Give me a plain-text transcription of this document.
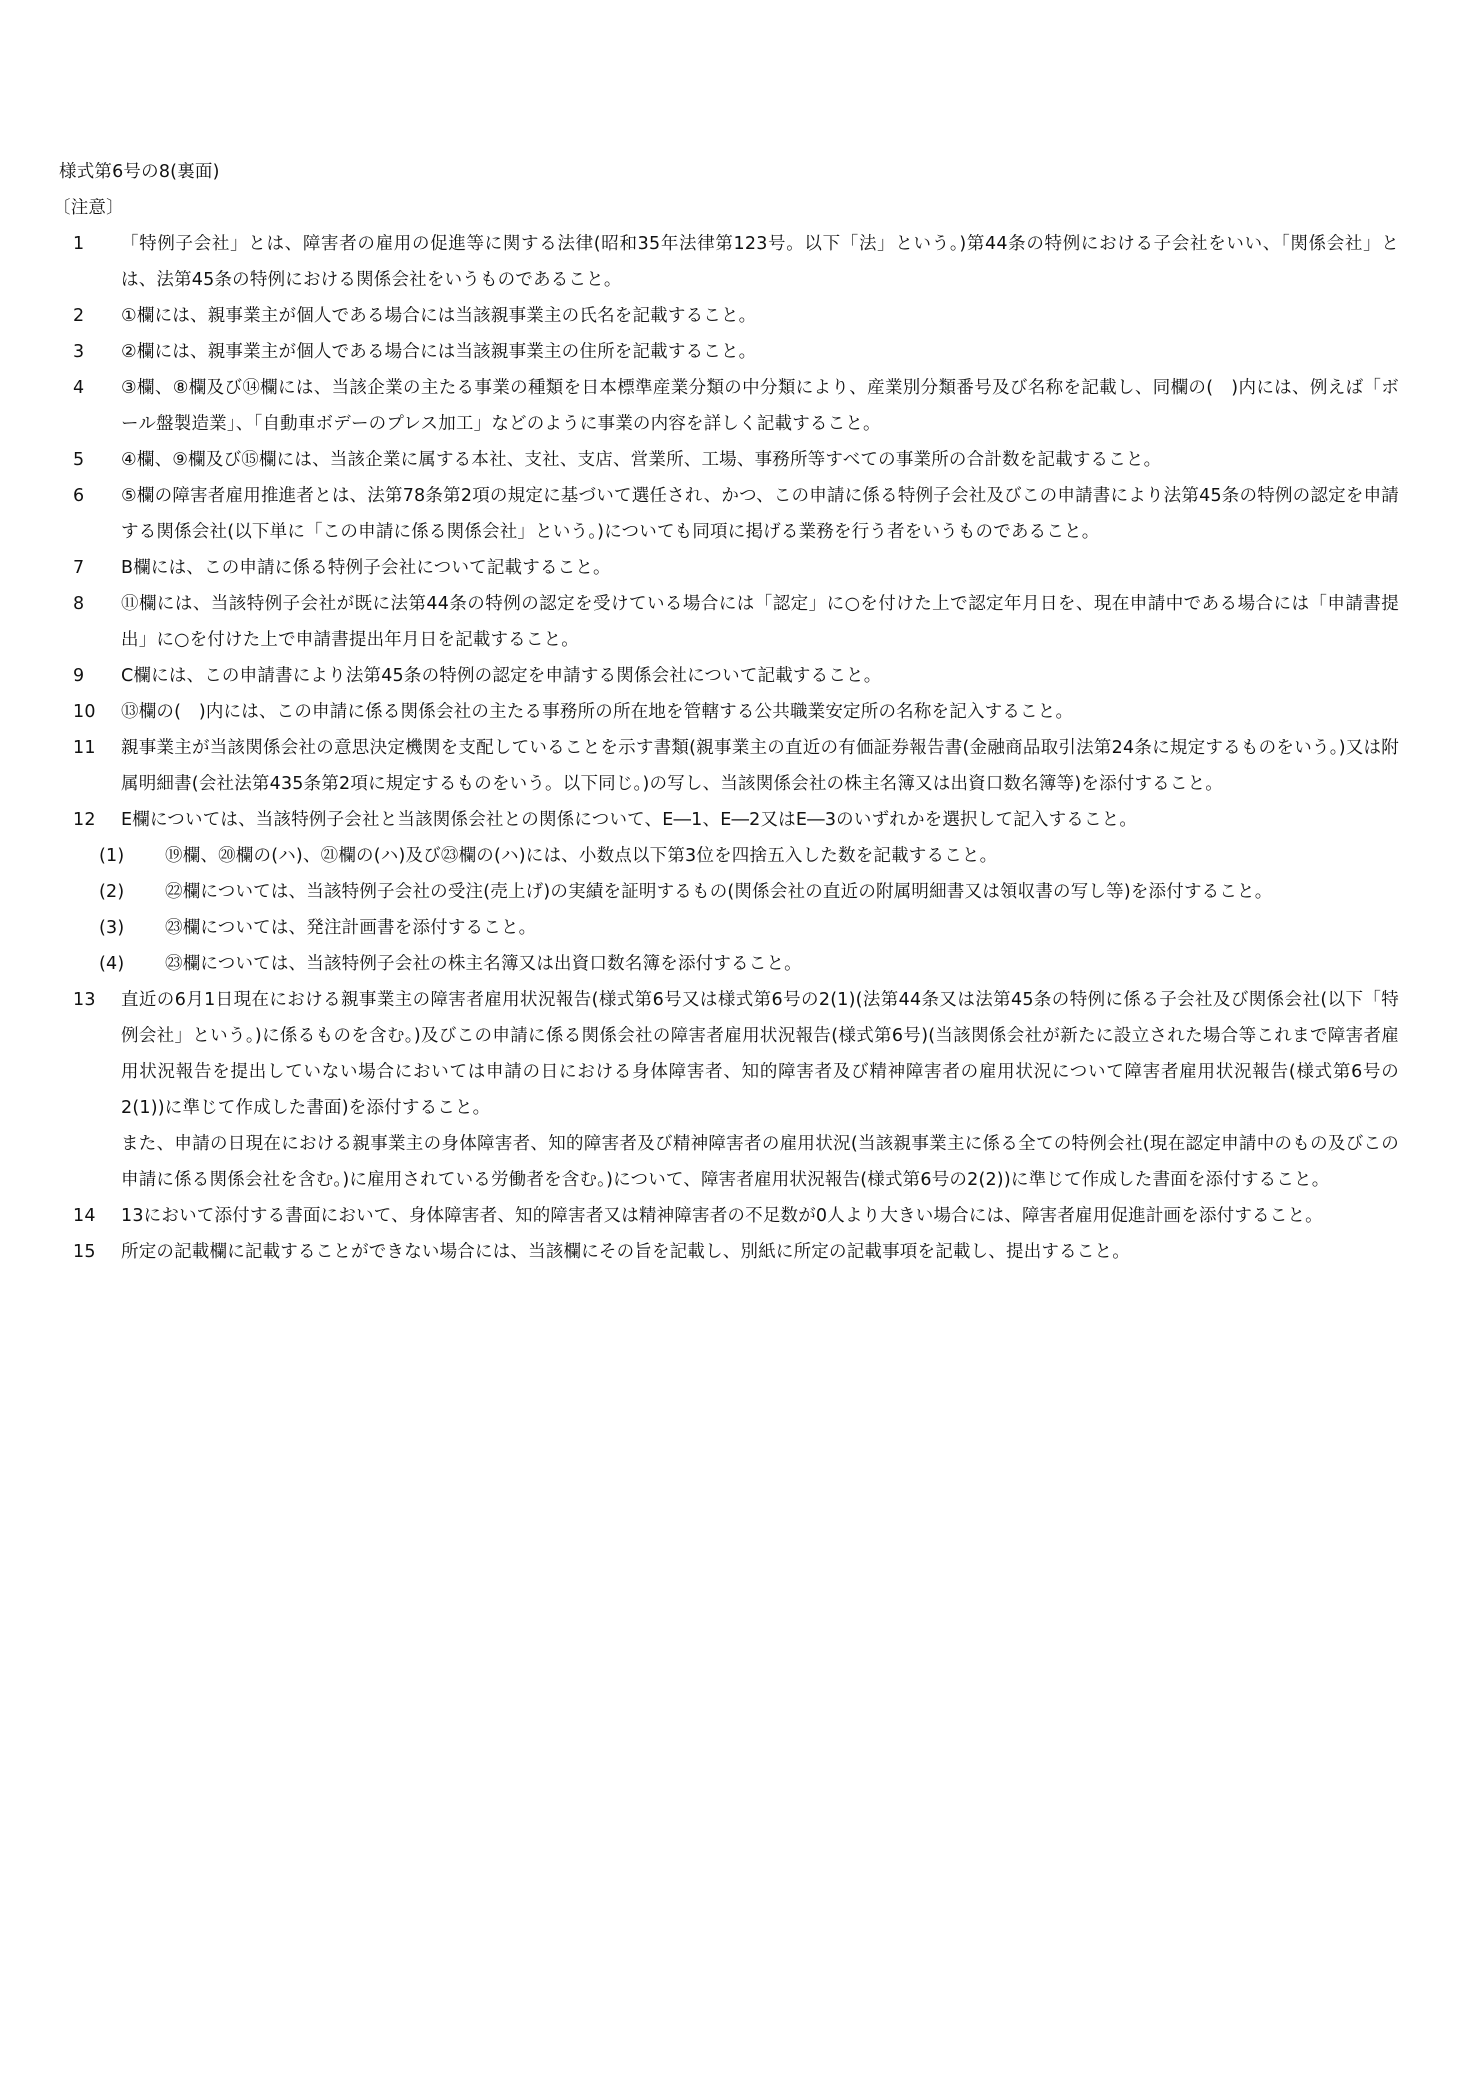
様式第6号の8(裏面)
〔注意〕
1	「特例子会社」とは、障害者の雇用の促進等に関する法律(昭和35年法律第123号。以下「法」という。)第44条の特例における子会社をいい、「関係会社」とは、法第45条の特例における関係会社をいうものであること。
2	①欄には、親事業主が個人である場合には当該親事業主の氏名を記載すること。
3	②欄には、親事業主が個人である場合には当該親事業主の住所を記載すること。
4	③欄、⑧欄及び⑭欄には、当該企業の主たる事業の種類を日本標準産業分類の中分類により、産業別分類番号及び名称を記載し、同欄の(　)内には、例えば「ボール盤製造業」、「自動車ボデーのプレス加工」などのように事業の内容を詳しく記載すること。
5	④欄、⑨欄及び⑮欄には、当該企業に属する本社、支社、支店、営業所、工場、事務所等すべての事業所の合計数を記載すること。
6	⑤欄の障害者雇用推進者とは、法第78条第2項の規定に基づいて選任され、かつ、この申請に係る特例子会社及びこの申請書により法第45条の特例の認定を申請する関係会社(以下単に「この申請に係る関係会社」という。)についても同項に掲げる業務を行う者をいうものであること。
7	B欄には、この申請に係る特例子会社について記載すること。
8	⑪欄には、当該特例子会社が既に法第44条の特例の認定を受けている場合には「認定」に○を付けた上で認定年月日を、現在申請中である場合には「申請書提出」に○を付けた上で申請書提出年月日を記載すること。
9	C欄には、この申請書により法第45条の特例の認定を申請する関係会社について記載すること。
10	⑬欄の(　)内には、この申請に係る関係会社の主たる事務所の所在地を管轄する公共職業安定所の名称を記入すること。
11	親事業主が当該関係会社の意思決定機関を支配していることを示す書類(親事業主の直近の有価証券報告書(金融商品取引法第24条に規定するものをいう。)又は附属明細書(会社法第435条第2項に規定するものをいう。以下同じ。)の写し、当該関係会社の株主名簿又は出資口数名簿等)を添付すること。
12	E欄については、当該特例子会社と当該関係会社との関係について、E―1、E―2又はE―3のいずれかを選択して記入すること。
(1)	⑲欄、⑳欄の(ハ)、㉑欄の(ハ)及び㉓欄の(ハ)には、小数点以下第3位を四捨五入した数を記載すること。
(2)	㉒欄については、当該特例子会社の受注(売上げ)の実績を証明するもの(関係会社の直近の附属明細書又は領収書の写し等)を添付すること。
(3)	㉓欄については、発注計画書を添付すること。
(4)	㉓欄については、当該特例子会社の株主名簿又は出資口数名簿を添付すること。
13	直近の6月1日現在における親事業主の障害者雇用状況報告(様式第6号又は様式第6号の2(1)(法第44条又は法第45条の特例に係る子会社及び関係会社(以下「特例会社」という。)に係るものを含む。)及びこの申請に係る関係会社の障害者雇用状況報告(様式第6号)(当該関係会社が新たに設立された場合等これまで障害者雇用状況報告を提出していない場合においては申請の日における身体障害者、知的障害者及び精神障害者の雇用状況について障害者雇用状況報告(様式第6号の2(1))に準じて作成した書面)を添付すること。
また、申請の日現在における親事業主の身体障害者、知的障害者及び精神障害者の雇用状況(当該親事業主に係る全ての特例会社(現在認定申請中のもの及びこの申請に係る関係会社を含む。)に雇用されている労働者を含む。)について、障害者雇用状況報告(様式第6号の2(2))に準じて作成した書面を添付すること。
14	13において添付する書面において、身体障害者、知的障害者又は精神障害者の不足数が0人より大きい場合には、障害者雇用促進計画を添付すること。
15	所定の記載欄に記載することができない場合には、当該欄にその旨を記載し、別紙に所定の記載事項を記載し、提出すること。
